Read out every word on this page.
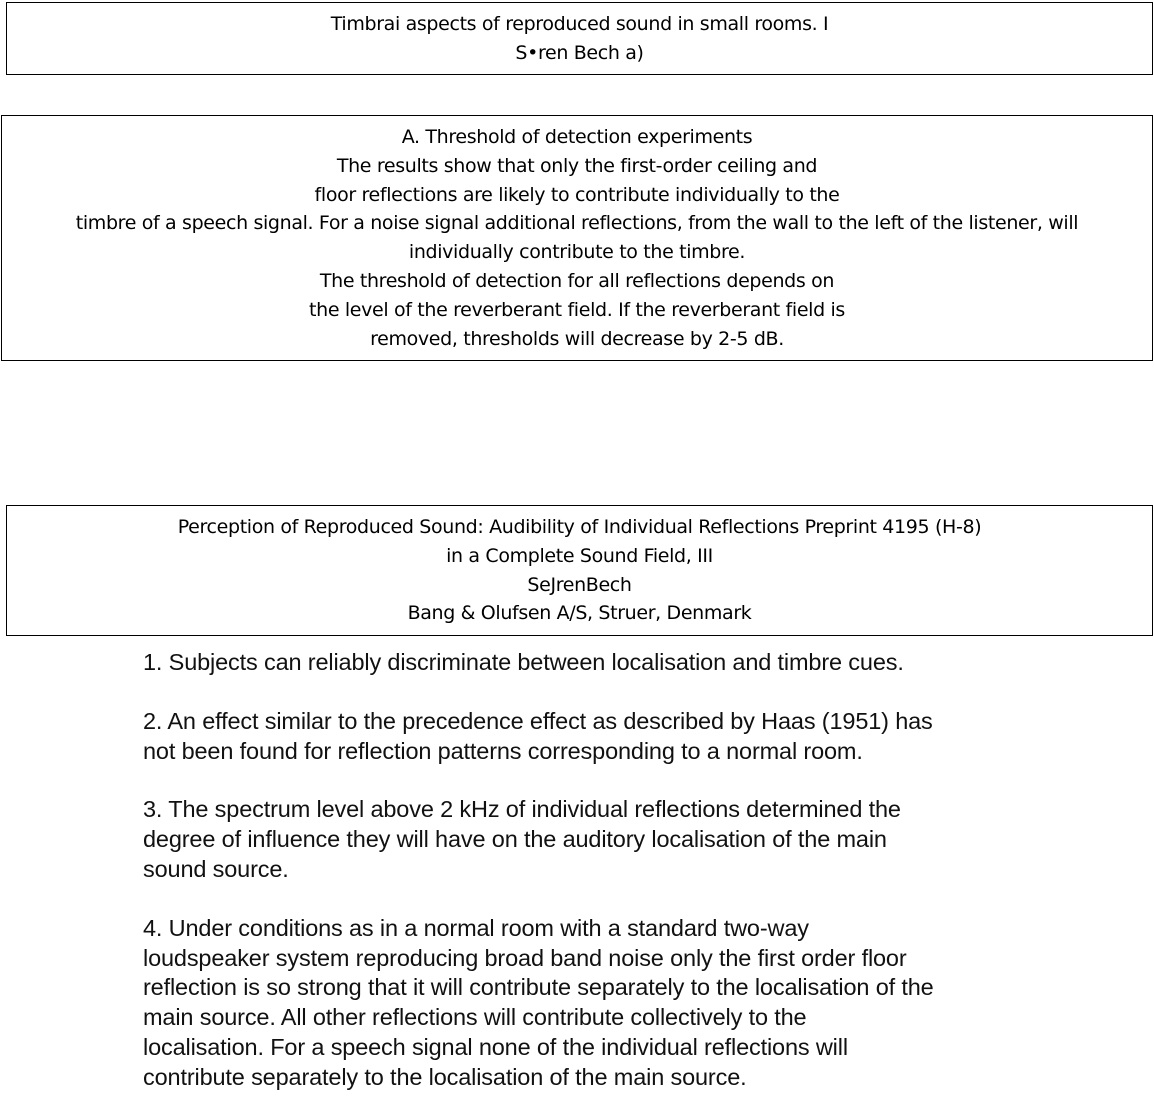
Timbrai aspects of reproduced sound in small rooms. I
S•ren Bech a)
A. Threshold of detection experiments
The results show that only the first-order ceiling and
floor reflections are likely to contribute individually to the
timbre of a speech signal. For a noise signal additional reflections, from the wall to the left of the listener, will
individually contribute to the timbre.
The threshold of detection for all reflections depends on
the level of the reverberant field. If the reverberant field is
removed, thresholds will decrease by 2-5 dB.
Perception of Reproduced Sound: Audibility of Individual Reflections Preprint 4195 (H-8)
in a Complete Sound Field, III
SeJrenBech
Bang & Olufsen A/S, Struer, Denmark
1. Subjects can reliably discriminate between localisation and timbre cues.
2. An effect similar to the precedence effect as described by Haas (1951) has
not been found for reflection patterns corresponding to a normal room.
3. The spectrum level above 2 kHz of individual reflections determined the
degree of influence they will have on the auditory localisation of the main
sound source.
4. Under conditions as in a normal room with a standard two-way
loudspeaker system reproducing broad band noise only the first order floor
reflection is so strong that it will contribute separately to the localisation of the
main source. All other reflections will contribute collectively to the
localisation. For a speech signal none of the individual reflections will
contribute separately to the localisation of the main source.
